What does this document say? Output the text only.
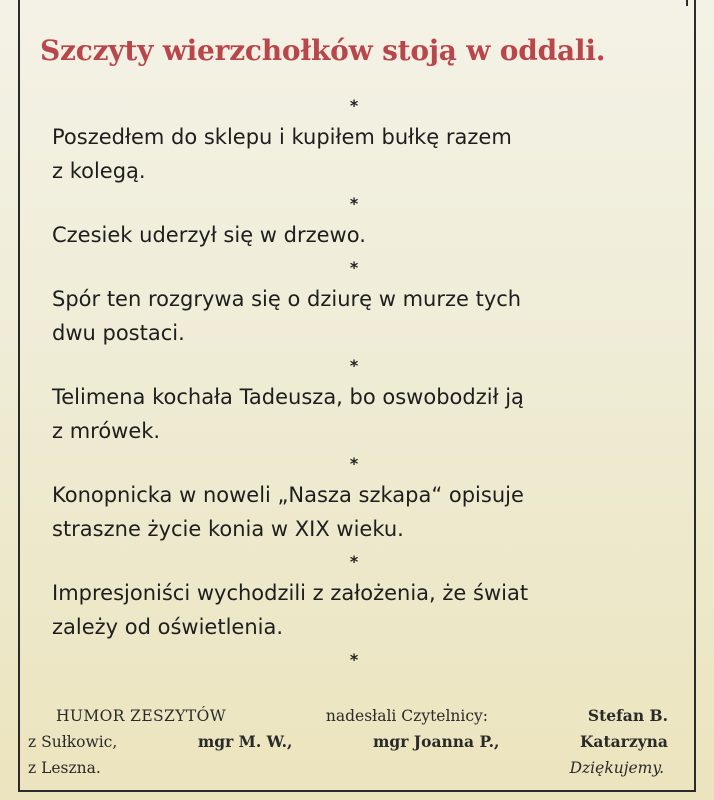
Szczyty wierzchołków stoją w oddali.
*
Poszedłem do sklepu i kupiłem bułkę razem
z kolegą.
*
Czesiek uderzył się w drzewo.
*
Spór ten rozgrywa się o dziurę w murze tych
dwu postaci.
*
Telimena kochała Tadeusza, bo oswobodził ją
z mrówek.
*
Konopnicka w noweli „Nasza szkapa“ opisuje
straszne życie konia w XIX wieku.
*
Impresjoniści wychodzili z założenia, że świat
zależy od oświetlenia.
*
HUMOR ZESZYTÓW	nadesłali Czytelnicy:	Stefan B.
z Sułkowic,	mgr M. W.,	mgr Joanna P.,	Katarzyna
z Leszna.	Dziękujemy.
